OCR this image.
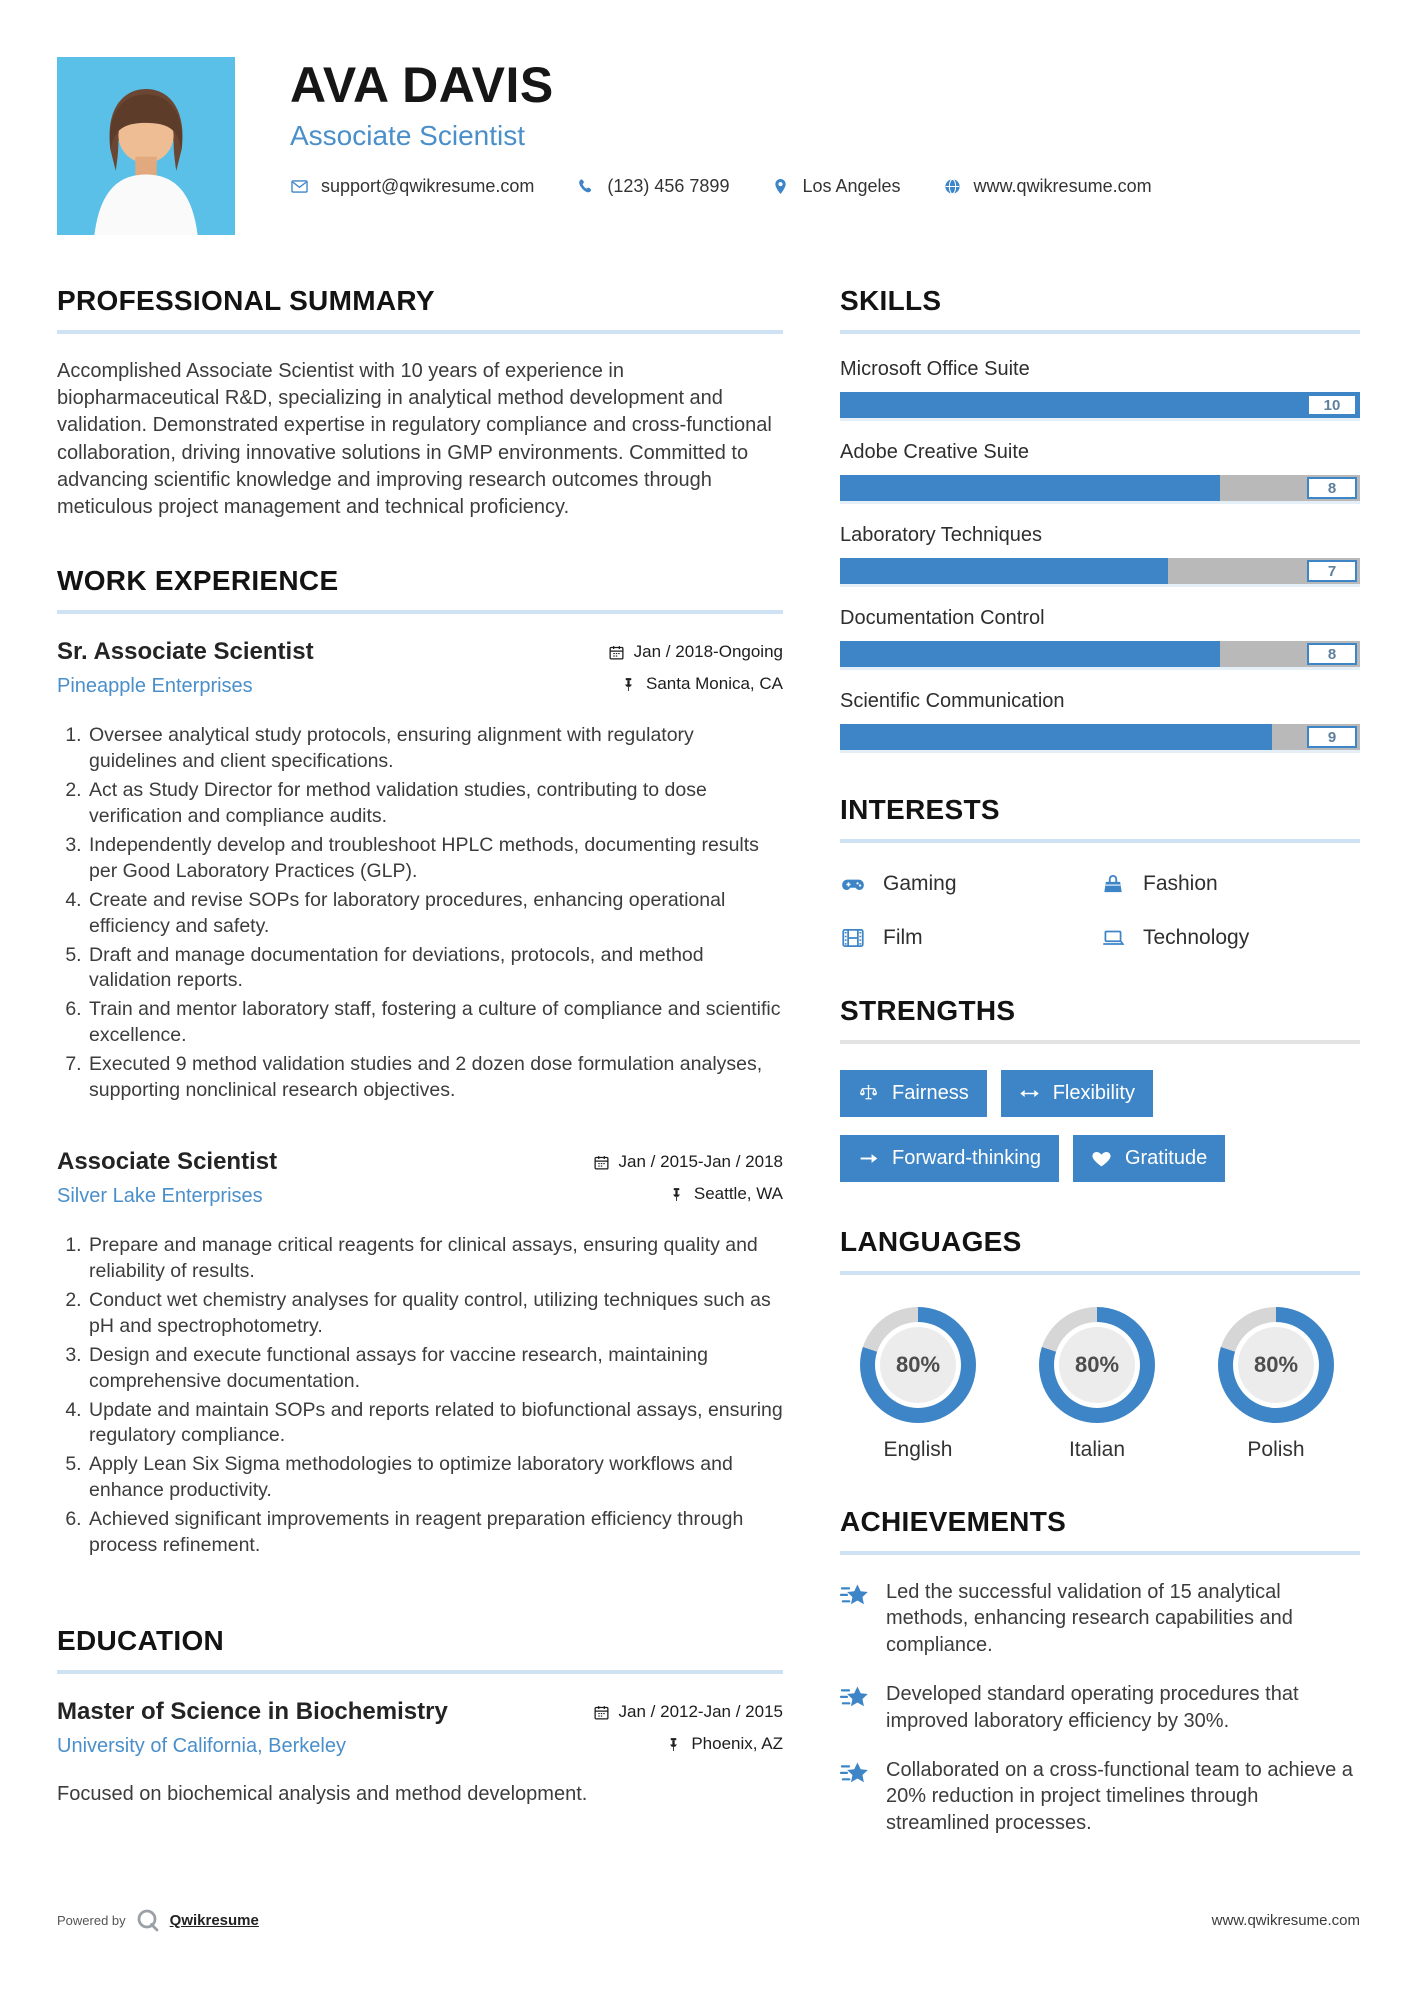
AVA DAVIS
Associate Scientist
support@qwikresume.com	(123) 456 7899	Los Angeles	www.qwikresume.com
PROFESSIONAL SUMMARY
Accomplished Associate Scientist with 10 years of experience in biopharmaceutical R&D, specializing in analytical method development and validation. Demonstrated expertise in regulatory compliance and cross-functional collaboration, driving innovative solutions in GMP environments. Committed to advancing scientific knowledge and improving research outcomes through meticulous project management and technical proficiency.
WORK EXPERIENCE
Sr. Associate Scientist
Pineapple Enterprises
Jan / 2018-Ongoing
Santa Monica, CA
1. Oversee analytical study protocols, ensuring alignment with regulatory guidelines and client specifications.
2. Act as Study Director for method validation studies, contributing to dose verification and compliance audits.
3. Independently develop and troubleshoot HPLC methods, documenting results per Good Laboratory Practices (GLP).
4. Create and revise SOPs for laboratory procedures, enhancing operational efficiency and safety.
5. Draft and manage documentation for deviations, protocols, and method validation reports.
6. Train and mentor laboratory staff, fostering a culture of compliance and scientific excellence.
7. Executed 9 method validation studies and 2 dozen dose formulation analyses, supporting nonclinical research objectives.
Associate Scientist
Silver Lake Enterprises
Jan / 2015-Jan / 2018
Seattle, WA
1. Prepare and manage critical reagents for clinical assays, ensuring quality and reliability of results.
2. Conduct wet chemistry analyses for quality control, utilizing techniques such as pH and spectrophotometry.
3. Design and execute functional assays for vaccine research, maintaining comprehensive documentation.
4. Update and maintain SOPs and reports related to biofunctional assays, ensuring regulatory compliance.
5. Apply Lean Six Sigma methodologies to optimize laboratory workflows and enhance productivity.
6. Achieved significant improvements in reagent preparation efficiency through process refinement.
EDUCATION
Master of Science in Biochemistry
University of California, Berkeley
Jan / 2012-Jan / 2015
Phoenix, AZ
Focused on biochemical analysis and method development.
SKILLS
Microsoft Office Suite
10
Adobe Creative Suite
8
Laboratory Techniques
7
Documentation Control
8
Scientific Communication
9
INTERESTS
Gaming	Fashion
Film	Technology
STRENGTHS
Fairness	Flexibility
Forward-thinking	Gratitude
LANGUAGES
80%
English
80%
Italian
80%
Polish
ACHIEVEMENTS
Led the successful validation of 15 analytical methods, enhancing research capabilities and compliance.
Developed standard operating procedures that improved laboratory efficiency by 30%.
Collaborated on a cross-functional team to achieve a 20% reduction in project timelines through streamlined processes.
Powered by	Qwikresume	www.qwikresume.com
